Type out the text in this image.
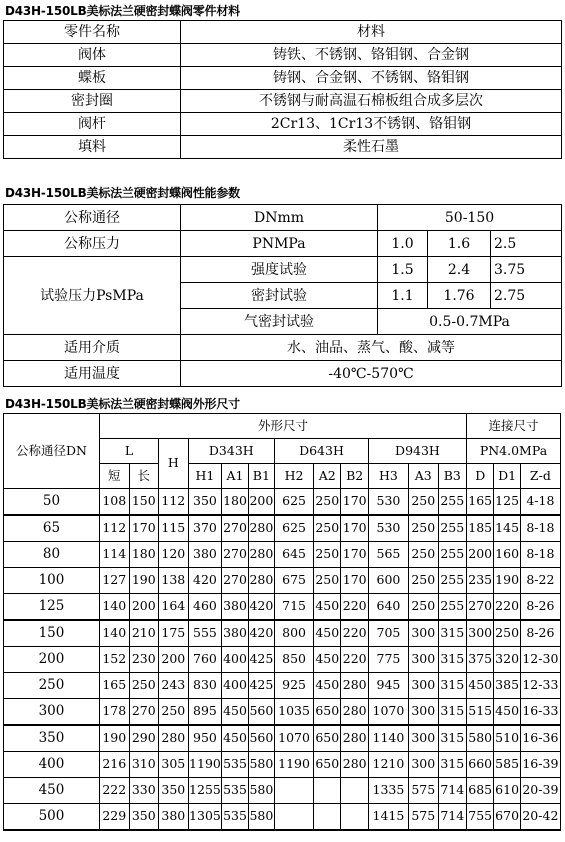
D43H-150LB美标法兰硬密封蝶阀零件材料
零件名称	材料
阀体	铸铁、不锈钢、铬钼钢、合金钢
蝶板	铸钢、合金钢、不锈钢、铬钼钢
密封圈	不锈钢与耐高温石棉板组合成多层次
阀杆	2Cr13、1Cr13不锈钢、铬钼钢
填料	柔性石墨
D43H-150LB美标法兰硬密封蝶阀性能参数
公称通径	DNmm	50-150		
公称压力	PNMPa	1.0	1.6	2.5
试验压力PsMPa	强度试验	1.5	2.4	3.75
	密封试验	1.1	1.76	2.75
	气密封试验	0.5-0.7MPa		
适用介质	水、油品、蒸气、酸、减等			
适用温度	-40℃-570℃			
D43H-150LB美标法兰硬密封蝶阀外形尺寸
公称通径DN	外形尺寸												连接尺寸		
	L		H	D343H			D643H			D943H			PN4.0MPa		
	短	长		H1	A1	B1	H2	A2	B2	H3	A3	B3	D	D1	Z-d
50	108	150	112	350	180	200	625	250	170	530	250	255	165	125	4-18
65	112	170	115	370	270	280	625	250	170	530	250	255	185	145	8-18
80	114	180	120	380	270	280	645	250	170	565	250	255	200	160	8-18
100	127	190	138	420	270	280	675	250	170	600	250	255	235	190	8-22
125	140	200	164	460	380	420	715	450	220	640	250	255	270	220	8-26
150	140	210	175	555	380	420	800	450	220	705	300	315	300	250	8-26
200	152	230	200	760	400	425	850	450	220	775	300	315	375	320	12-30
250	165	250	243	830	400	425	925	450	280	945	300	315	450	385	12-33
300	178	270	250	895	450	560	1035	650	280	1070	300	315	515	450	16-33
350	190	290	280	950	450	560	1070	650	280	1140	300	315	580	510	16-36
400	216	310	305	1190	535	580	1190	650	280	1210	300	315	660	585	16-39
450	222	330	350	1255	535	580				1335	575	714	685	610	20-39
500	229	350	380	1305	535	580				1415	575	714	755	670	20-42
